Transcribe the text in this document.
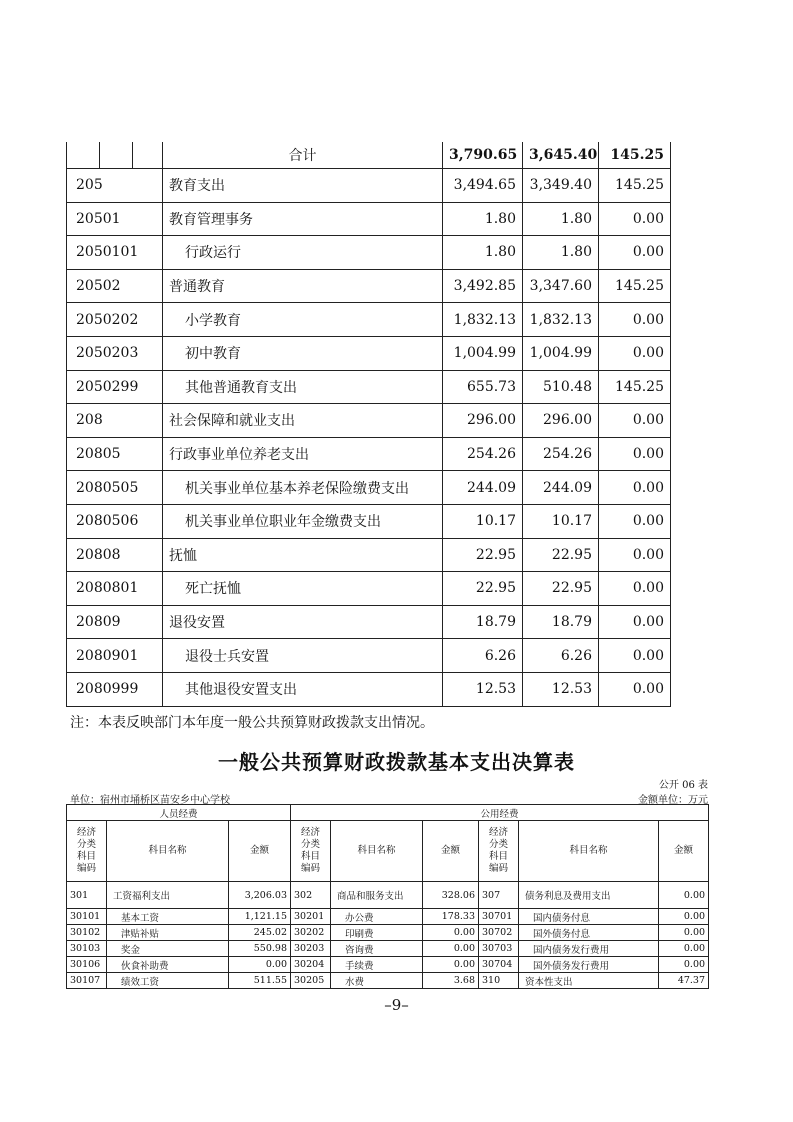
	合计	3,790.65	3,645.40	145.25
205	教育支出	3,494.65	3,349.40	145.25
20501	教育管理事务	1.80	1.80	0.00
2050101	行政运行	1.80	1.80	0.00
20502	普通教育	3,492.85	3,347.60	145.25
2050202	小学教育	1,832.13	1,832.13	0.00
2050203	初中教育	1,004.99	1,004.99	0.00
2050299	其他普通教育支出	655.73	510.48	145.25
208	社会保障和就业支出	296.00	296.00	0.00
20805	行政事业单位养老支出	254.26	254.26	0.00
2080505	机关事业单位基本养老保险缴费支出	244.09	244.09	0.00
2080506	机关事业单位职业年金缴费支出	10.17	10.17	0.00
20808	抚恤	22.95	22.95	0.00
2080801	死亡抚恤	22.95	22.95	0.00
20809	退役安置	18.79	18.79	0.00
2080901	退役士兵安置	6.26	6.26	0.00
2080999	其他退役安置支出	12.53	12.53	0.00
注：本表反映部门本年度一般公共预算财政拨款支出情况。
一般公共预算财政拨款基本支出决算表
公开 06 表
单位：宿州市埇桥区苗安乡中心学校	金额单位：万元
人员经费			公用经费					
经济分类科目编码	科目名称	金额	经济分类科目编码	科目名称	金额	经济分类科目编码	科目名称	金额
301	工资福利支出	3,206.03	302	商品和服务支出	328.06	307	债务利息及费用支出	0.00
30101	基本工资	1,121.15	30201	办公费	178.33	30701	国内债务付息	0.00
30102	津贴补贴	245.02	30202	印刷费	0.00	30702	国外债务付息	0.00
30103	奖金	550.98	30203	咨询费	0.00	30703	国内债务发行费用	0.00
30106	伙食补助费	0.00	30204	手续费	0.00	30704	国外债务发行费用	0.00
30107	绩效工资	511.55	30205	水费	3.68	310	资本性支出	47.37
–9–
